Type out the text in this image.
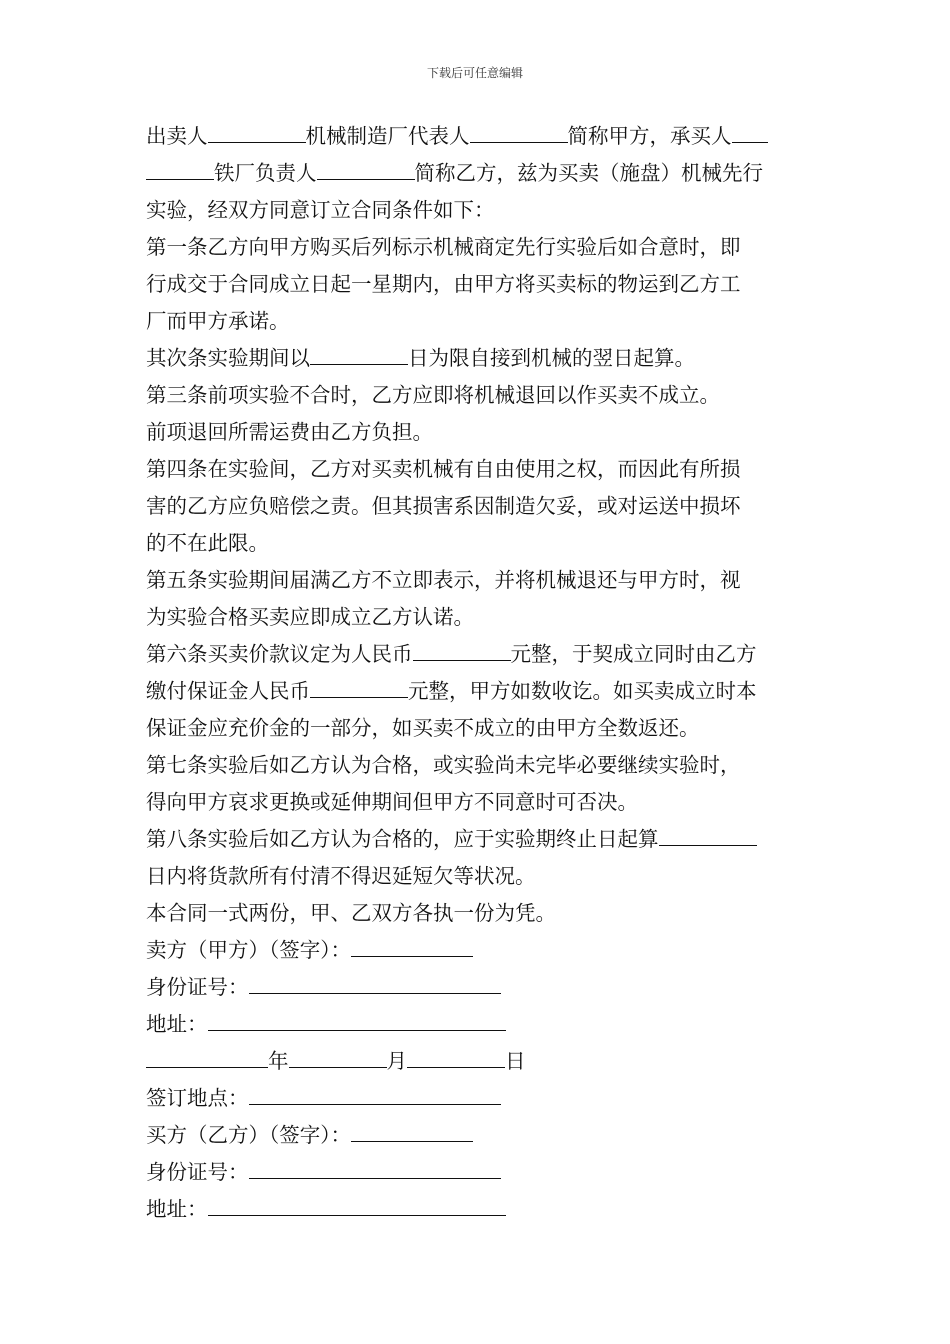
下载后可任意编辑

出卖人	机械制造厂代表人	简称甲方，承买人

铁厂负责人	简称乙方，兹为买卖（施盘）机械先行

实验，经双方同意订立合同条件如下：

第一条乙方向甲方购买后列标示机械商定先行实验后如合意时，即

行成交于合同成立日起一星期内，由甲方将买卖标的物运到乙方工

厂而甲方承诺。

其次条实验期间以	日为限自接到机械的翌日起算。

第三条前项实验不合时，乙方应即将机械退回以作买卖不成立。

前项退回所需运费由乙方负担。

第四条在实验间，乙方对买卖机械有自由使用之权，而因此有所损

害的乙方应负赔偿之责。但其损害系因制造欠妥，或对运送中损坏

的不在此限。

第五条实验期间届满乙方不立即表示，并将机械退还与甲方时，视

为实验合格买卖应即成立乙方认诺。

第六条买卖价款议定为人民币	元整，于契成立同时由乙方

缴付保证金人民币	元整，甲方如数收讫。如买卖成立时本

保证金应充价金的一部分，如买卖不成立的由甲方全数返还。

第七条实验后如乙方认为合格，或实验尚未完毕必要继续实验时，

得向甲方哀求更换或延伸期间但甲方不同意时可否决。

第八条实验后如乙方认为合格的，应于实验期终止日起算

日内将货款所有付清不得迟延短欠等状况。

本合同一式两份，甲、乙双方各执一份为凭。

卖方（甲方）（签字）：

身份证号：

地址：

年	月	日

签订地点：

买方（乙方）（签字）：

身份证号：

地址：
